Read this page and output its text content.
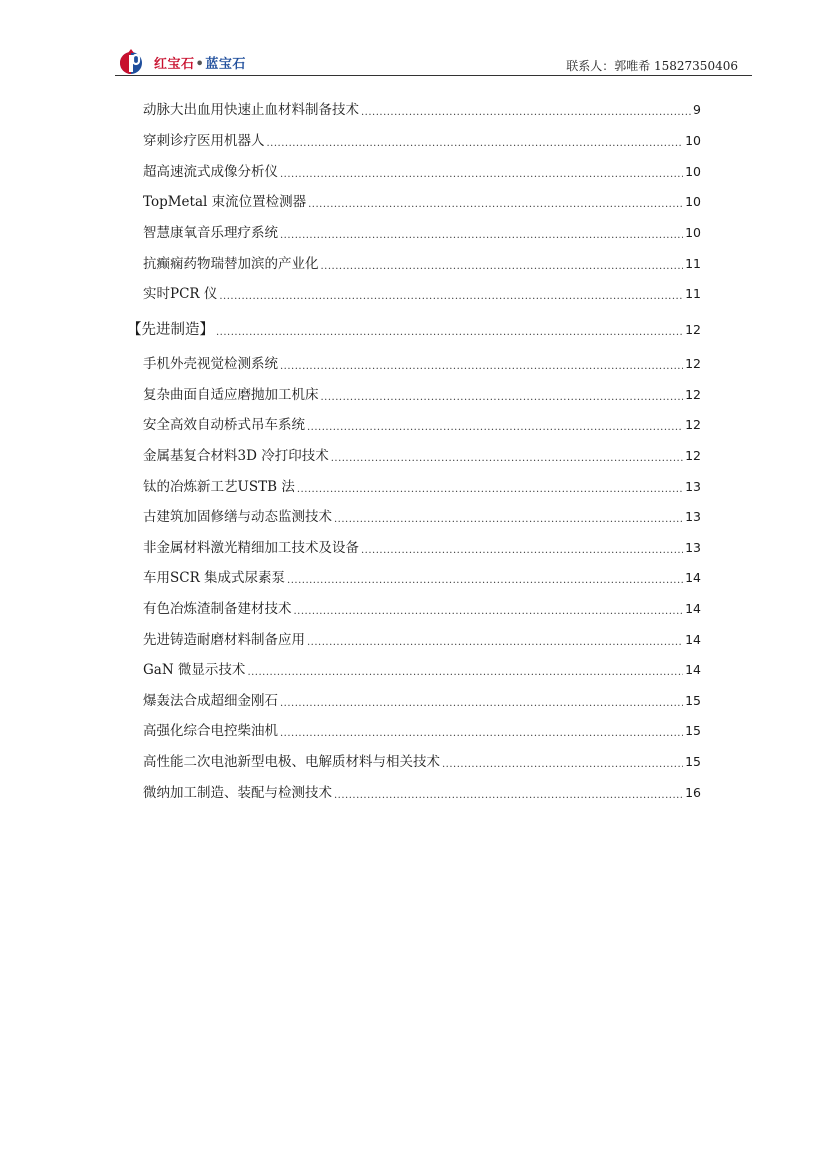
红宝石•蓝宝石	联系人：郭唯希 15827350406
动脉大出血用快速止血材料制备技术 .....	9
穿刺诊疗医用机器人 .....	10
超高速流式成像分析仪 .....	10
TopMetal 束流位置检测器 .....	10
智慧康氧音乐理疗系统 .....	10
抗癫痫药物瑞替加滨的产业化 .....	11
实时PCR 仪 .....	11
【先进制造】 .....	12
手机外壳视觉检测系统 .....	12
复杂曲面自适应磨抛加工机床 .....	12
安全高效自动桥式吊车系统 .....	12
金属基复合材料3D 冷打印技术 .....	12
钛的冶炼新工艺USTB 法 .....	13
古建筑加固修缮与动态监测技术 .....	13
非金属材料激光精细加工技术及设备 .....	13
车用SCR 集成式尿素泵 .....	14
有色冶炼渣制备建材技术 .....	14
先进铸造耐磨材料制备应用 .....	14
GaN 微显示技术 .....	14
爆轰法合成超细金刚石 .....	15
高强化综合电控柴油机 .....	15
高性能二次电池新型电极、电解质材料与相关技术 .....	15
微纳加工制造、装配与检测技术 .....	16
